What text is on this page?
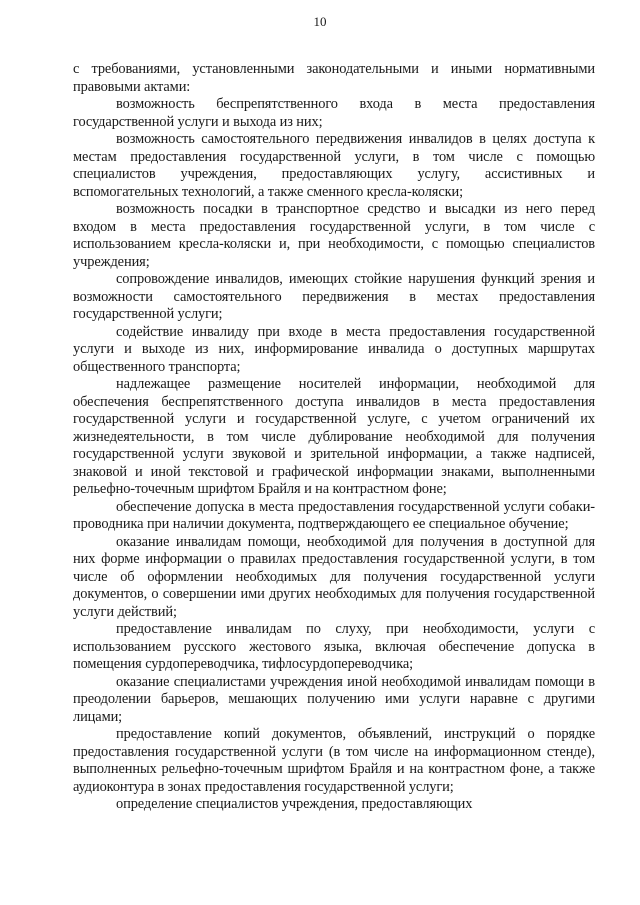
10

с требованиями, установленными законодательными и иными нормативными правовыми актами:

возможность беспрепятственного входа в места предоставления государственной услуги и выхода из них;

возможность самостоятельного передвижения инвалидов в целях доступа к местам предоставления государственной услуги, в том числе с помощью специалистов учреждения, предоставляющих услугу, ассистивных и вспомогательных технологий, а также сменного кресла-коляски;

возможность посадки в транспортное средство и высадки из него перед входом в места предоставления государственной услуги, в том числе с использованием кресла-коляски и, при необходимости, с помощью специалистов учреждения;

сопровождение инвалидов, имеющих стойкие нарушения функций зрения и возможности самостоятельного передвижения в местах предоставления государственной услуги;

содействие инвалиду при входе в места предоставления государственной услуги и выходе из них, информирование инвалида о доступных маршрутах общественного транспорта;

надлежащее размещение носителей информации, необходимой для обеспечения беспрепятственного доступа инвалидов в места предоставления государственной услуги и государственной услуге, с учетом ограничений их жизнедеятельности, в том числе дублирование необходимой для получения государственной услуги звуковой и зрительной информации, а также надписей, знаковой и иной текстовой и графической информации знаками, выполненными рельефно-точечным шрифтом Брайля и на контрастном фоне;

обеспечение допуска в места предоставления государственной услуги собаки-проводника при наличии документа, подтверждающего ее специальное обучение;

оказание инвалидам помощи, необходимой для получения в доступной для них форме информации о правилах предоставления государственной услуги, в том числе об оформлении необходимых для получения государственной услуги документов, о совершении ими других необходимых для получения государственной услуги действий;

предоставление инвалидам по слуху, при необходимости, услуги с использованием русского жестового языка, включая обеспечение допуска в помещения сурдопереводчика, тифлосурдопереводчика;

оказание специалистами учреждения иной необходимой инвалидам помощи в преодолении барьеров, мешающих получению ими услуги наравне с другими лицами;

предоставление копий документов, объявлений, инструкций о порядке предоставления государственной услуги (в том числе на информационном стенде), выполненных рельефно-точечным шрифтом Брайля и на контрастном фоне, а также аудиоконтура в зонах предоставления государственной услуги;

определение специалистов учреждения, предоставляющих
